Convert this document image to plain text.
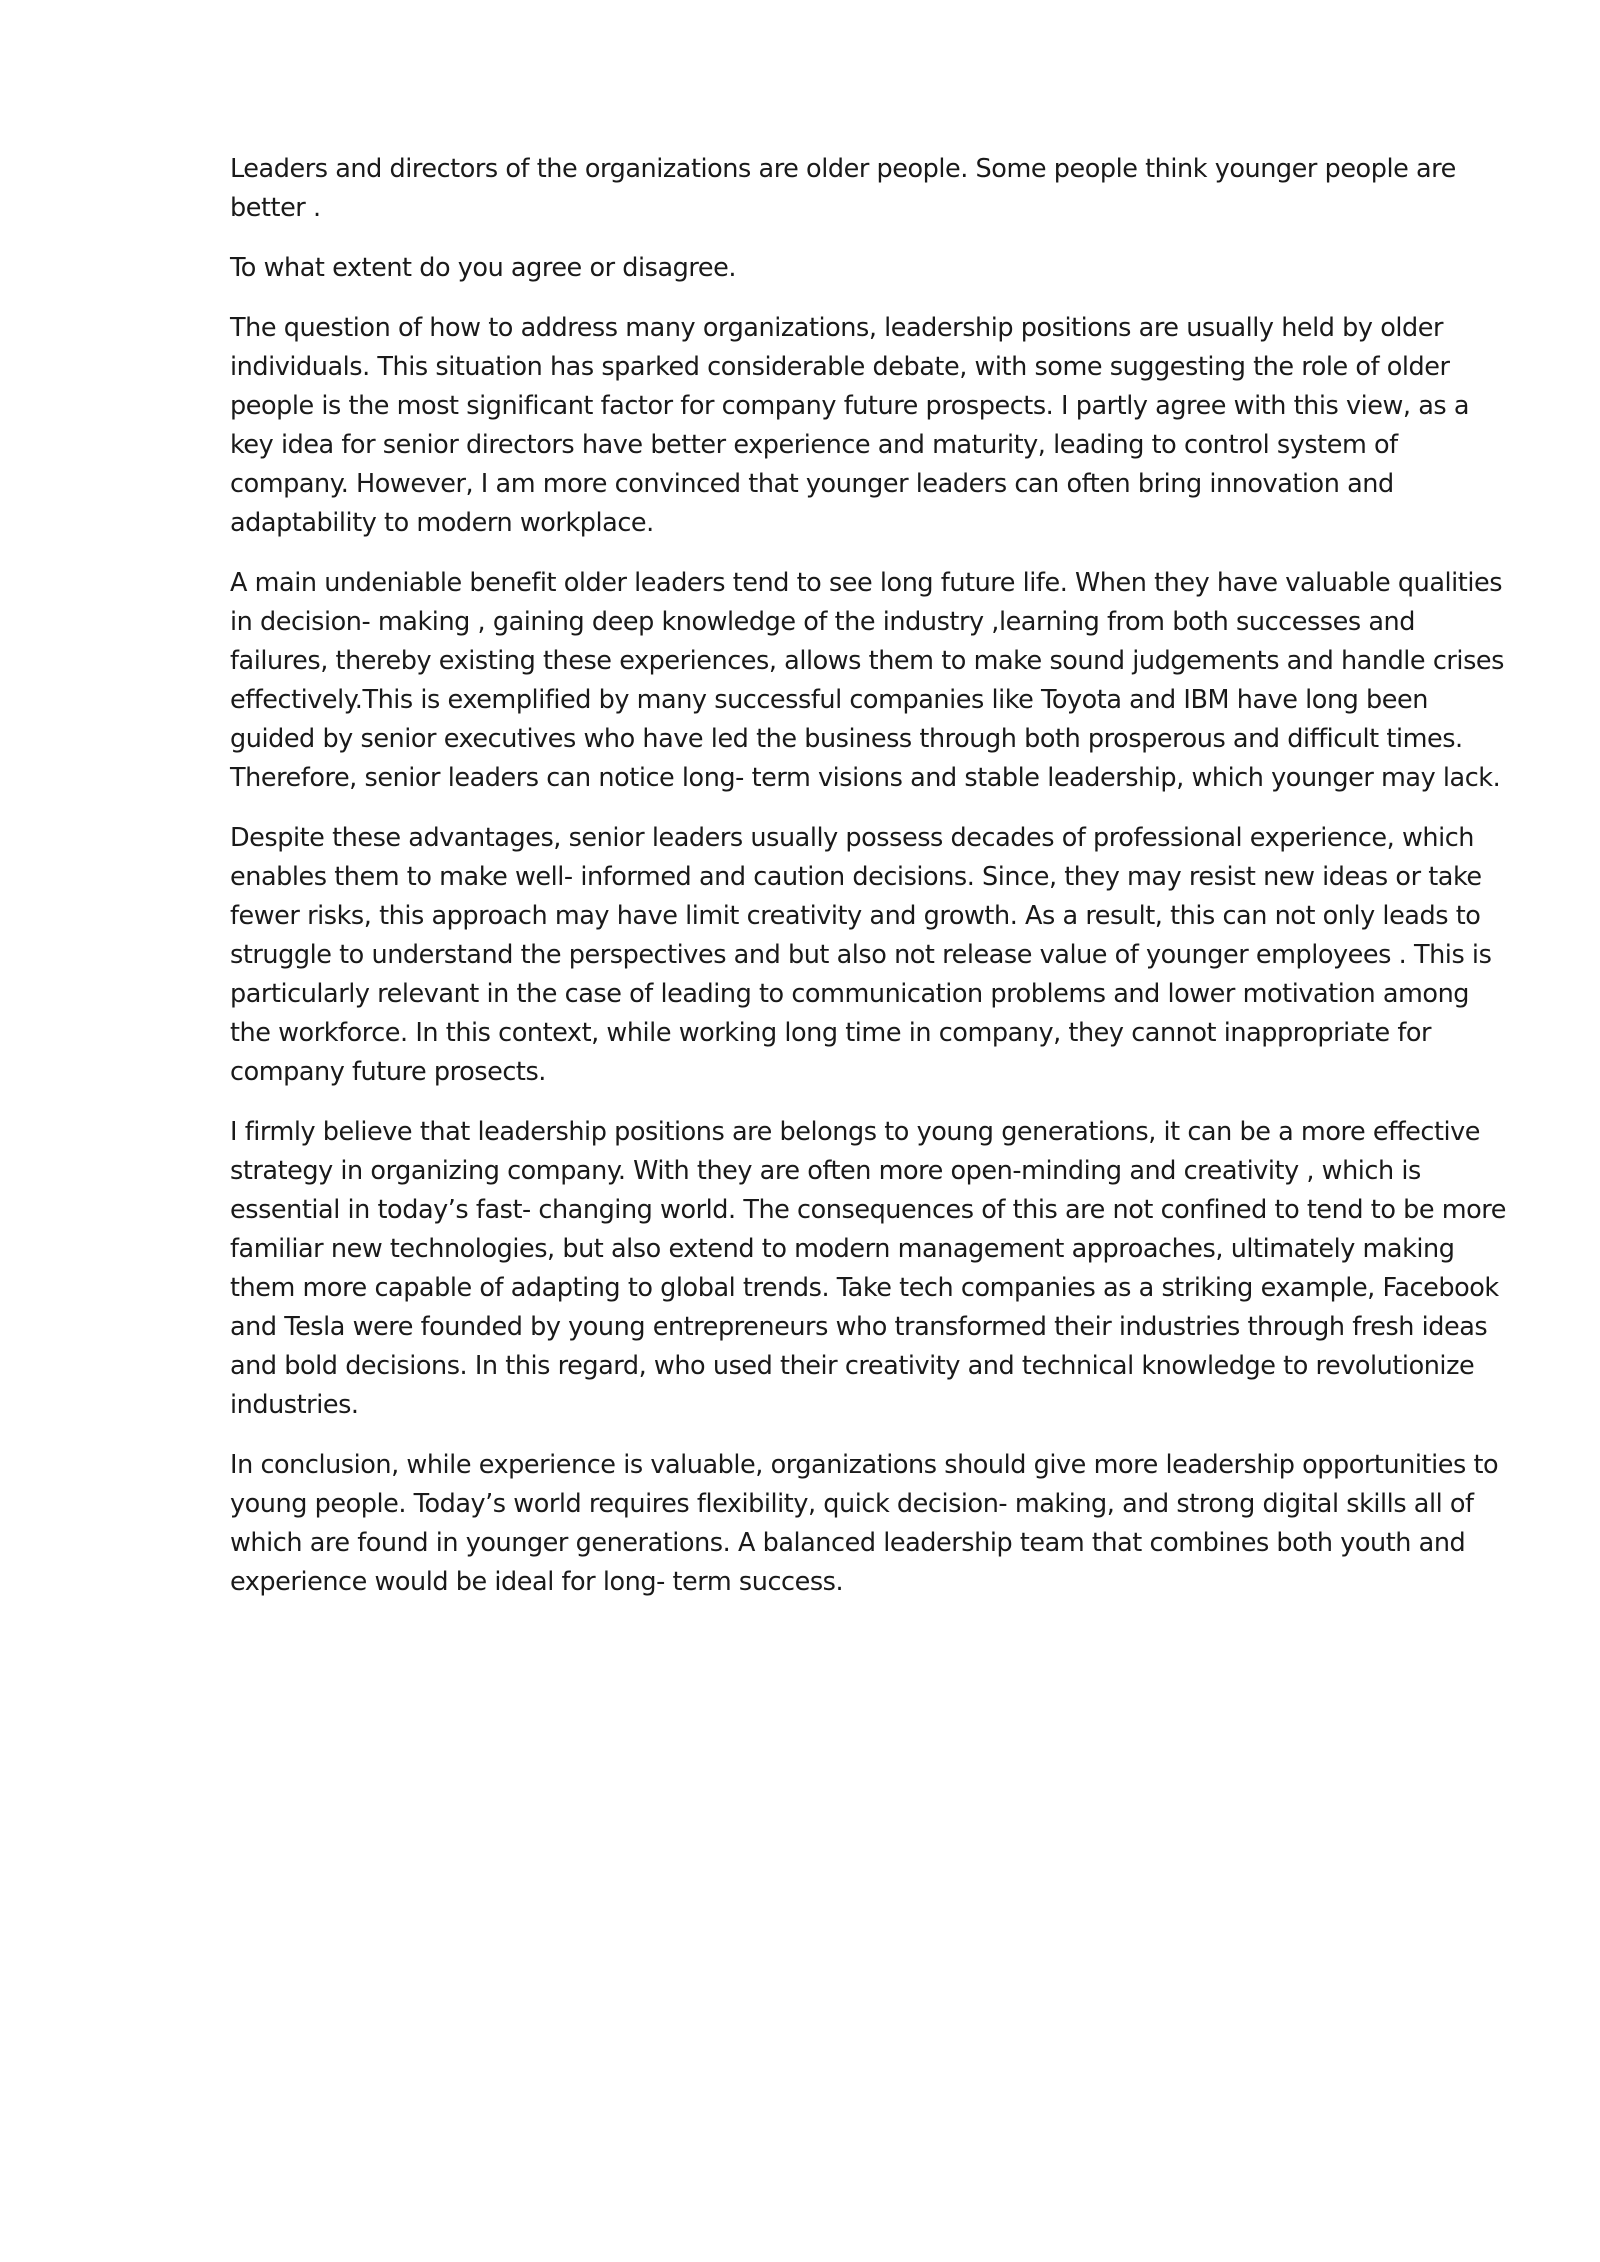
Leaders and directors of the organizations are older people. Some people think younger people are better .

To what extent do you agree or disagree.

The question of how to address many organizations, leadership positions are usually held by older individuals. This situation has sparked considerable debate, with some suggesting the role of older people is the most significant factor for company future prospects. I partly agree with this view, as a key idea for senior directors have better experience and maturity, leading to control system of company. However, I am more convinced that younger leaders can often bring innovation and adaptability to modern workplace.

A main undeniable benefit older leaders tend to see long future life. When they have valuable qualities in decision- making , gaining deep knowledge of the industry ,learning from both successes and failures, thereby existing these experiences, allows them to make sound judgements and handle crises effectively.This is exemplified by many successful companies like Toyota and IBM have long been guided by senior executives who have led the business through both prosperous and difficult times. Therefore, senior leaders can notice long- term visions and stable leadership, which younger may lack.

Despite these advantages, senior leaders usually possess decades of professional experience, which enables them to make well- informed and caution decisions. Since, they may resist new ideas or take fewer risks, this approach may have limit creativity and growth. As a result, this can not only leads to struggle to understand the perspectives and but also not release value of younger employees . This is particularly relevant in the case of leading to communication problems and lower motivation among the workforce. In this context, while working long time in company, they cannot inappropriate for company future prosects.

I firmly believe that leadership positions are belongs to young generations, it can be a more effective strategy in organizing company. With they are often more open-minding and creativity , which is essential in today’s fast- changing world. The consequences of this are not confined to tend to be more familiar new technologies, but also extend to modern management approaches, ultimately making them more capable of adapting to global trends. Take tech companies as a striking example, Facebook and Tesla were founded by young entrepreneurs who transformed their industries through fresh ideas and bold decisions. In this regard, who used their creativity and technical knowledge to revolutionize industries.

In conclusion, while experience is valuable, organizations should give more leadership opportunities to young people. Today’s world requires flexibility, quick decision- making, and strong digital skills all of which are found in younger generations. A balanced leadership team that combines both youth and experience would be ideal for long- term success.
